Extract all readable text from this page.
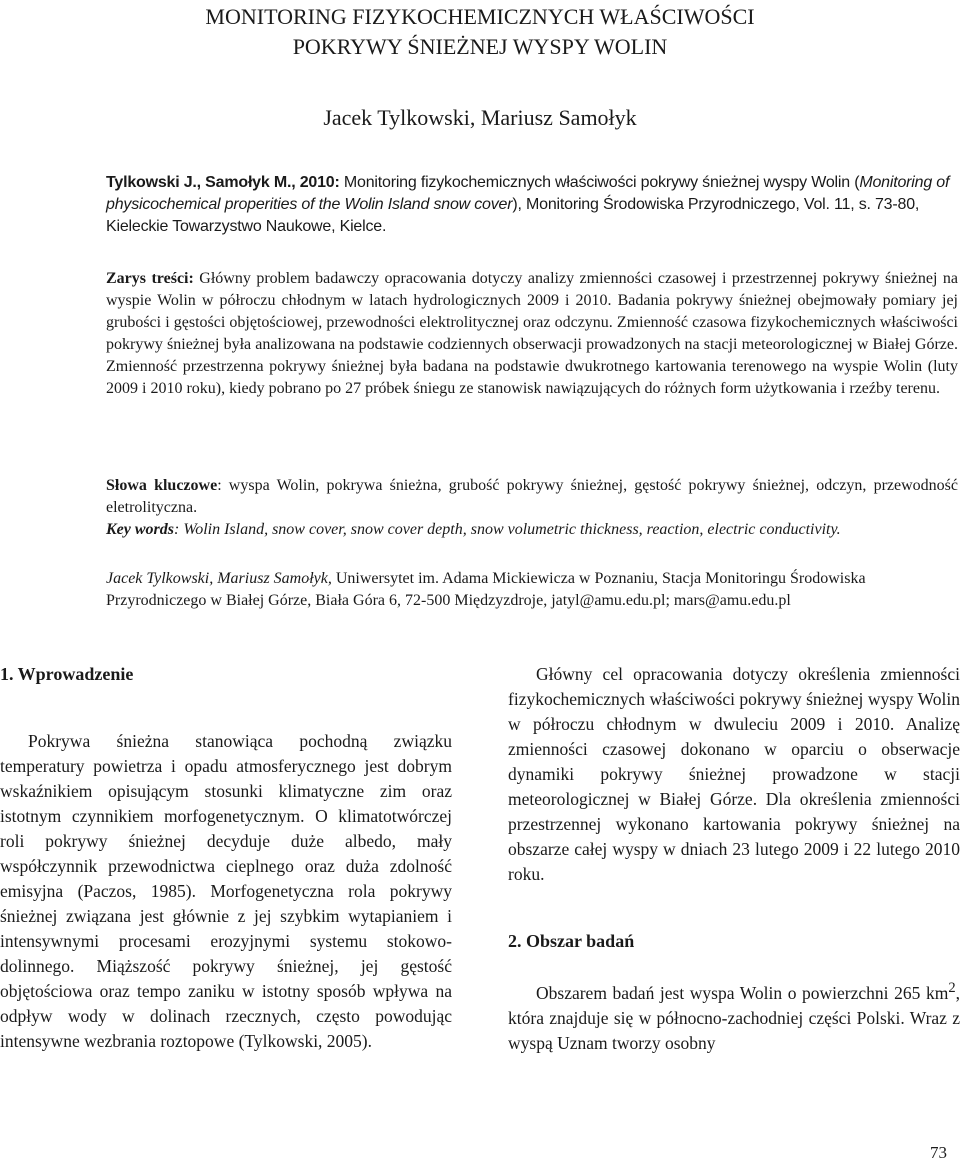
MONITORING FIZYKOCHEMICZNYCH WŁAŚCIWOŚCI
POKRYWY ŚNIEŻNEJ WYSPY WOLIN
Jacek Tylkowski, Mariusz Samołyk
Tylkowski J., Samołyk M., 2010: Monitoring fizykochemicznych właściwości pokrywy śnieżnej wyspy Wolin (Monitoring of physicochemical properities of the Wolin Island snow cover), Monitoring Środowiska Przyrodniczego, Vol. 11, s. 73-80, Kieleckie Towarzystwo Naukowe, Kielce.
Zarys treści: Główny problem badawczy opracowania dotyczy analizy zmienności czasowej i przestrzennej pokrywy śnieżnej na wyspie Wolin w półroczu chłodnym w latach hydrologicznych 2009 i 2010. Badania pokrywy śnieżnej obejmowały pomiary jej grubości i gęstości objętościowej, przewodności elektrolitycznej oraz odczynu. Zmienność czasowa fizykochemicznych właściwości pokrywy śnieżnej była analizowana na podstawie codziennych obserwacji prowadzonych na stacji meteorologicznej w Białej Górze. Zmienność przestrzenna pokrywy śnieżnej była badana na podstawie dwukrotnego kartowania terenowego na wyspie Wolin (luty 2009 i 2010 roku), kiedy pobrano po 27 próbek śniegu ze stanowisk nawiązujących do różnych form użytkowania i rzeźby terenu.
Słowa kluczowe: wyspa Wolin, pokrywa śnieżna, grubość pokrywy śnieżnej, gęstość pokrywy śnieżnej, odczyn, przewodność eletrolityczna.
Key words: Wolin Island, snow cover, snow cover depth, snow volumetric thickness, reaction, electric conductivity.
Jacek Tylkowski, Mariusz Samołyk, Uniwersytet im. Adama Mickiewicza w Poznaniu, Stacja Monitoringu Środowiska Przyrodniczego w Białej Górze, Biała Góra 6, 72-500 Międzyzdroje, jatyl@amu.edu.pl; mars@amu.edu.pl

1. Wprowadzenie

Pokrywa śnieżna stanowiąca pochodną związku temperatury powietrza i opadu atmosferycznego jest dobrym wskaźnikiem opisującym stosunki klimatyczne zim oraz istotnym czynnikiem morfogenetycznym. O klimatotwórczej roli pokrywy śnieżnej decyduje duże albedo, mały współczynnik przewodnictwa cieplnego oraz duża zdolność emisyjna (Paczos, 1985). Morfogenetyczna rola pokrywy śnieżnej związana jest głównie z jej szybkim wytapianiem i intensywnymi procesami erozyjnymi systemu stokowo-dolinnego. Miąższość pokrywy śnieżnej, jej gęstość objętościowa oraz tempo zaniku w istotny sposób wpływa na odpływ wody w dolinach rzecznych, często powodując intensywne wezbrania roztopowe (Tylkowski, 2005).

Główny cel opracowania dotyczy określenia zmienności fizykochemicznych właściwości pokrywy śnieżnej wyspy Wolin w półroczu chłodnym w dwuleciu 2009 i 2010. Analizę zmienności czasowej dokonano w oparciu o obserwacje dynamiki pokrywy śnieżnej prowadzone w stacji meteorologicznej w Białej Górze. Dla określenia zmienności przestrzennej wykonano kartowania pokrywy śnieżnej na obszarze całej wyspy w dniach 23 lutego 2009 i 22 lutego 2010 roku.

2. Obszar badań

Obszarem badań jest wyspa Wolin o powierzchni 265 $km^2$, która znajduje się w północno-zachodniej części Polski. Wraz z wyspą Uznam tworzy osobny

73
